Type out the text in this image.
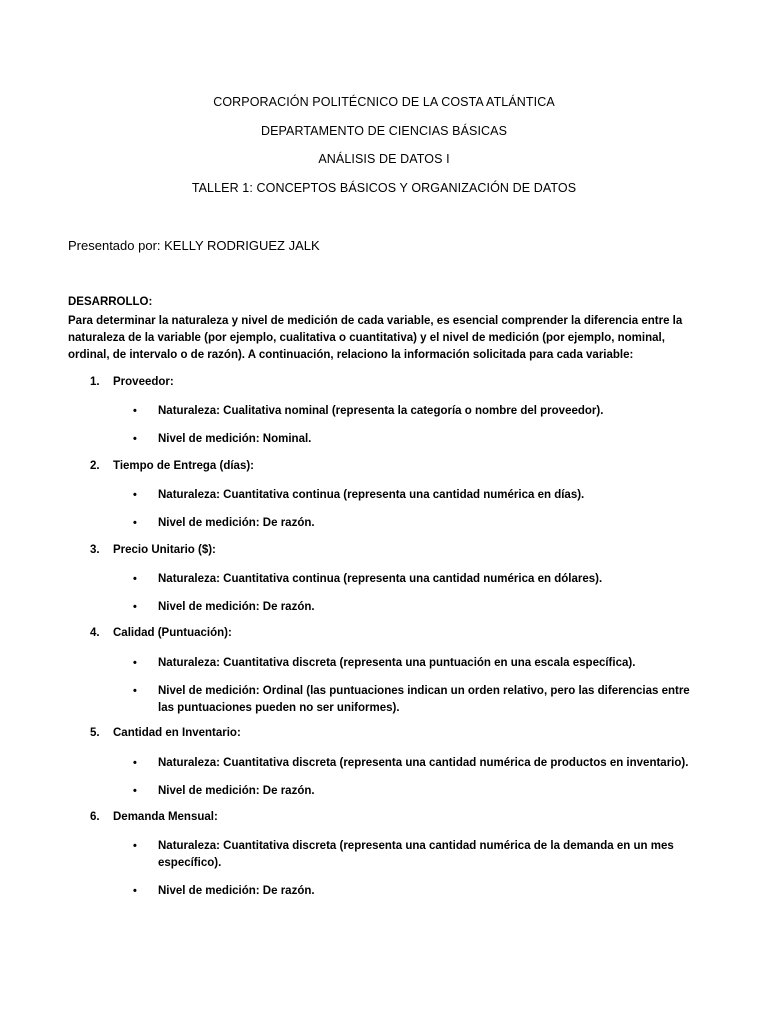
CORPORACIÓN POLITÉCNICO DE LA COSTA ATLÁNTICA
DEPARTAMENTO DE CIENCIAS BÁSICAS
ANÁLISIS DE DATOS I
TALLER 1: CONCEPTOS BÁSICOS Y ORGANIZACIÓN DE DATOS
Presentado por: KELLY RODRIGUEZ JALK
DESARROLLO:
Para determinar la naturaleza y nivel de medición de cada variable, es esencial comprender la diferencia entre la naturaleza de la variable (por ejemplo, cualitativa o cuantitativa) y el nivel de medición (por ejemplo, nominal, ordinal, de intervalo o de razón). A continuación, relaciono la información solicitada para cada variable:
1. Proveedor:
• Naturaleza: Cualitativa nominal (representa la categoría o nombre del proveedor).
• Nivel de medición: Nominal.
2. Tiempo de Entrega (días):
• Naturaleza: Cuantitativa continua (representa una cantidad numérica en días).
• Nivel de medición: De razón.
3. Precio Unitario ($):
• Naturaleza: Cuantitativa continua (representa una cantidad numérica en dólares).
• Nivel de medición: De razón.
4. Calidad (Puntuación):
• Naturaleza: Cuantitativa discreta (representa una puntuación en una escala específica).
• Nivel de medición: Ordinal (las puntuaciones indican un orden relativo, pero las diferencias entre las puntuaciones pueden no ser uniformes).
5. Cantidad en Inventario:
• Naturaleza: Cuantitativa discreta (representa una cantidad numérica de productos en inventario).
• Nivel de medición: De razón.
6. Demanda Mensual:
• Naturaleza: Cuantitativa discreta (representa una cantidad numérica de la demanda en un mes específico).
• Nivel de medición: De razón.
